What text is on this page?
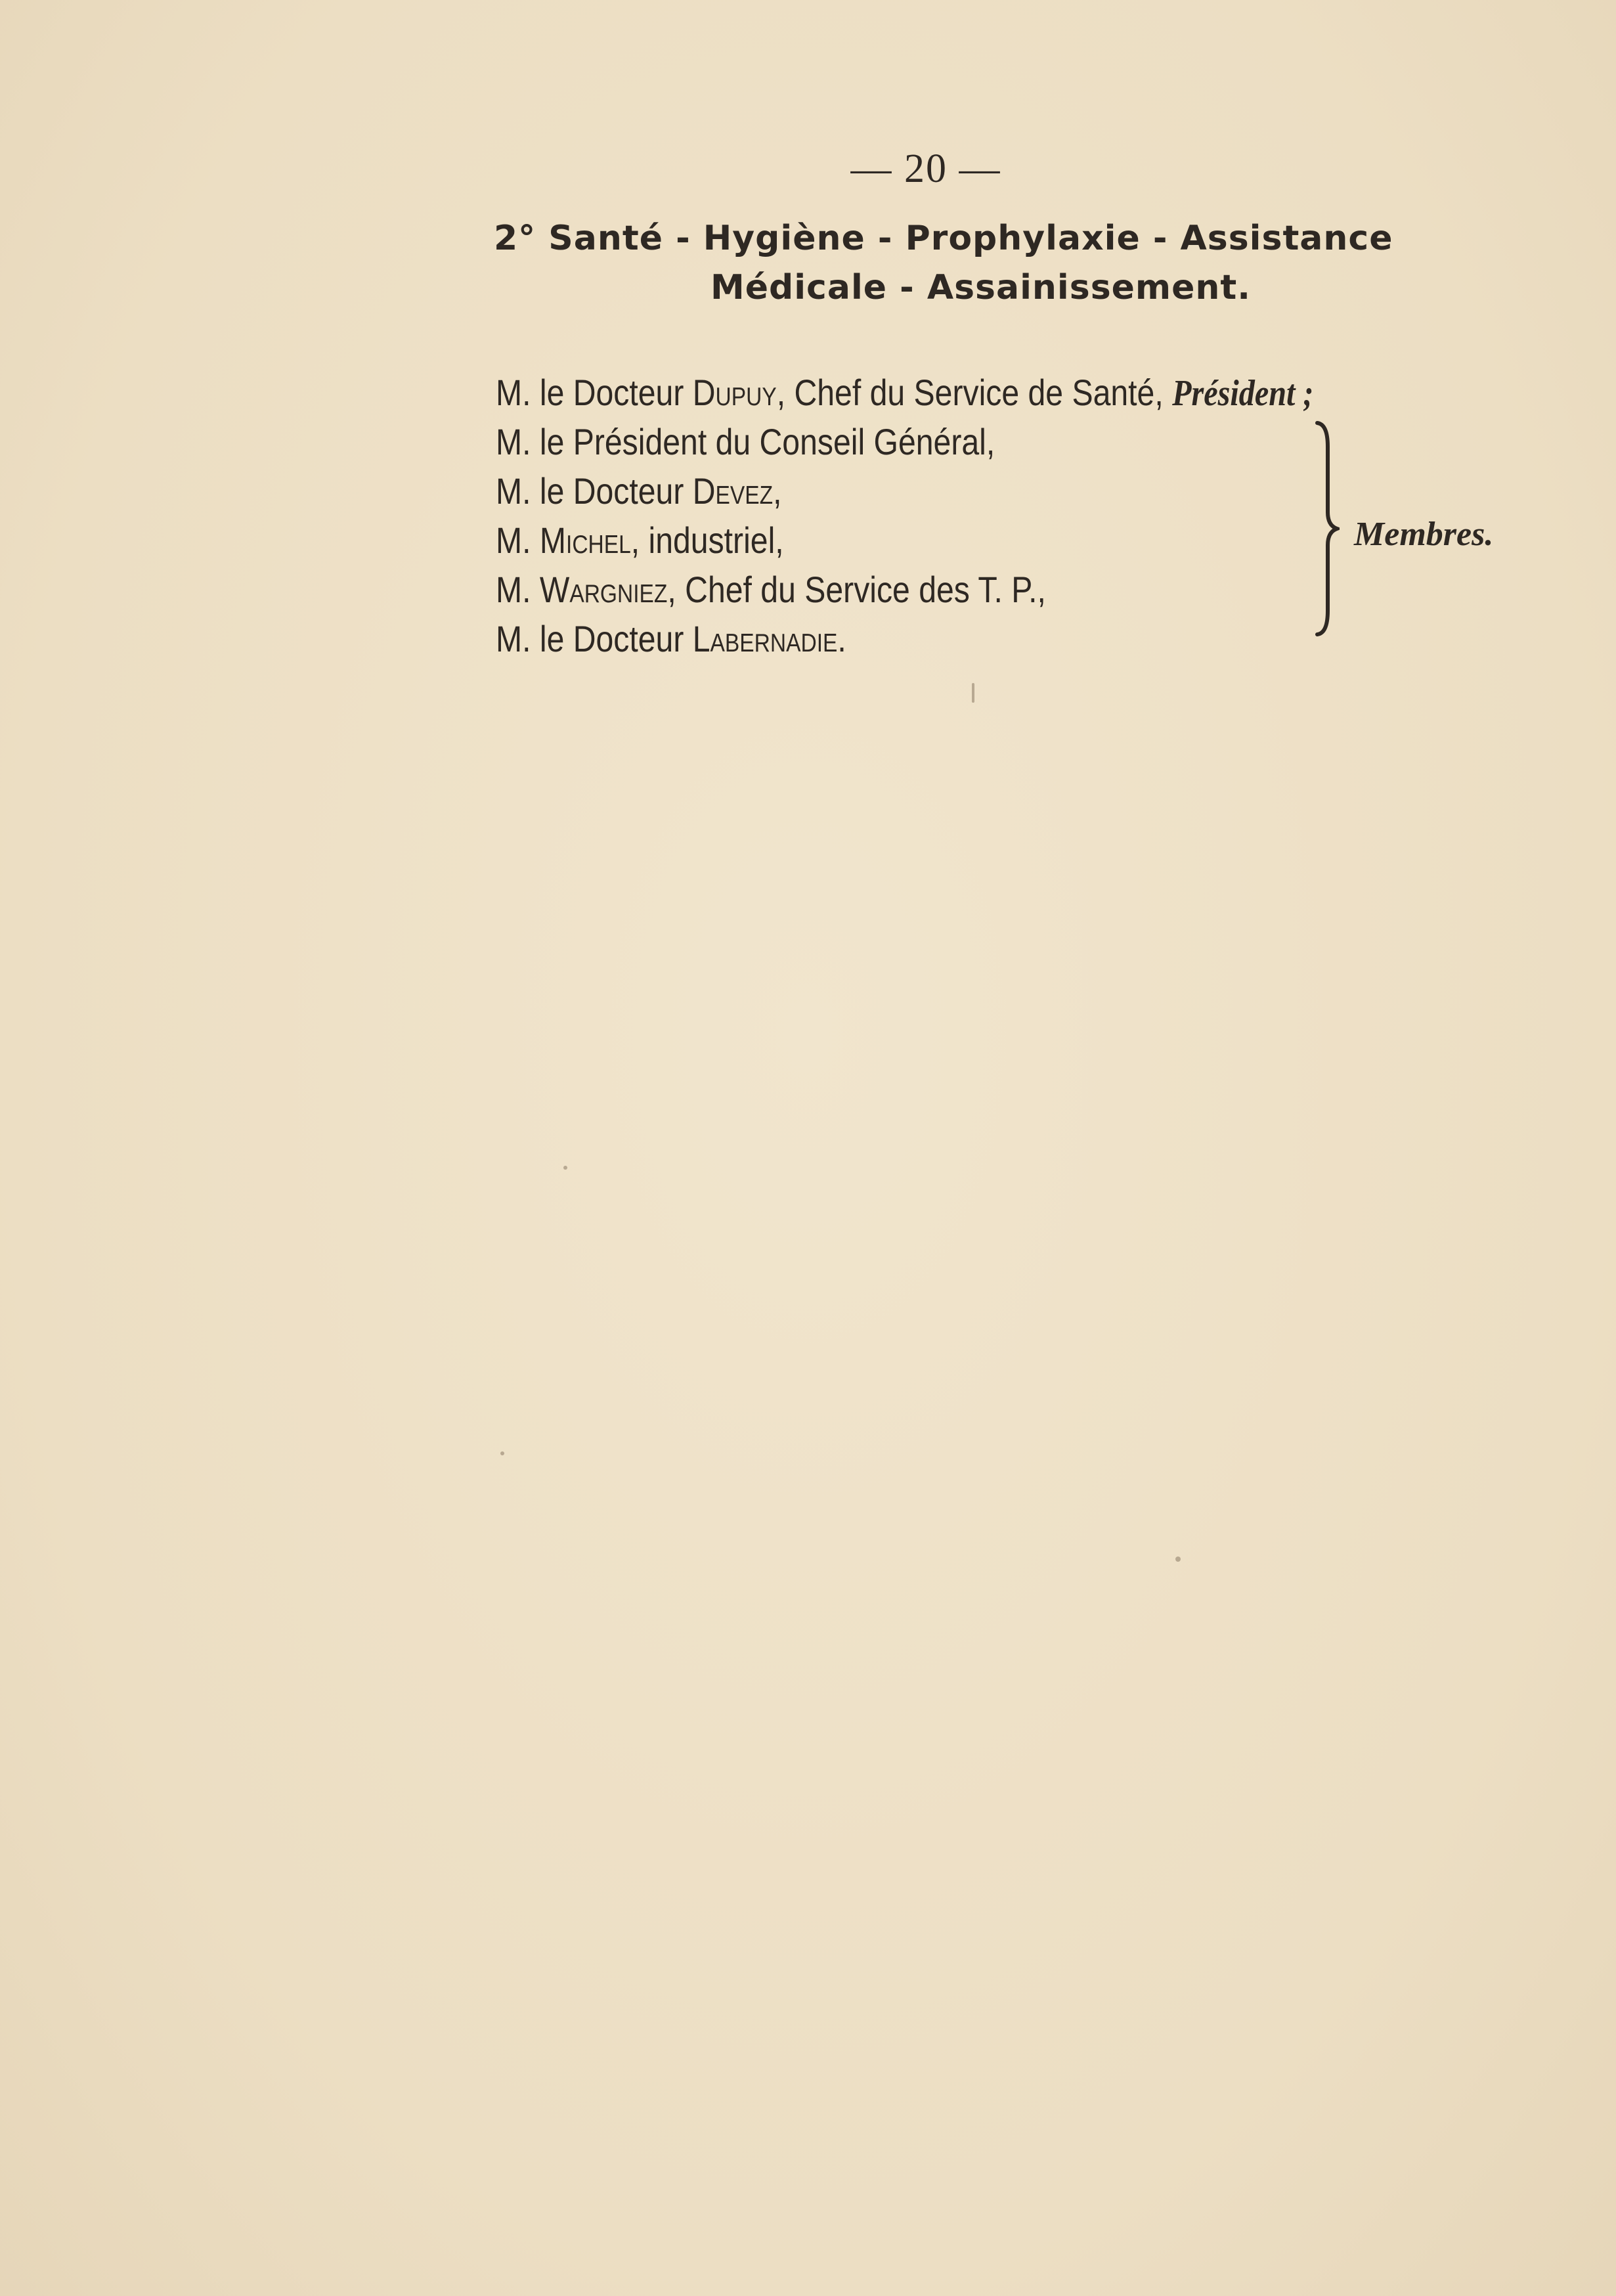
— 20 —
2° Santé - Hygiène - Prophylaxie - Assistance
Médicale - Assainissement.
M. le Docteur Dupuy, Chef du Service de Santé, Président ;
M. le Président du Conseil Général,
M. le Docteur Devez,
M. Michel, industriel,
M. Wargniez, Chef du Service des T. P.,
M. le Docteur Labernadie.
Membres.
